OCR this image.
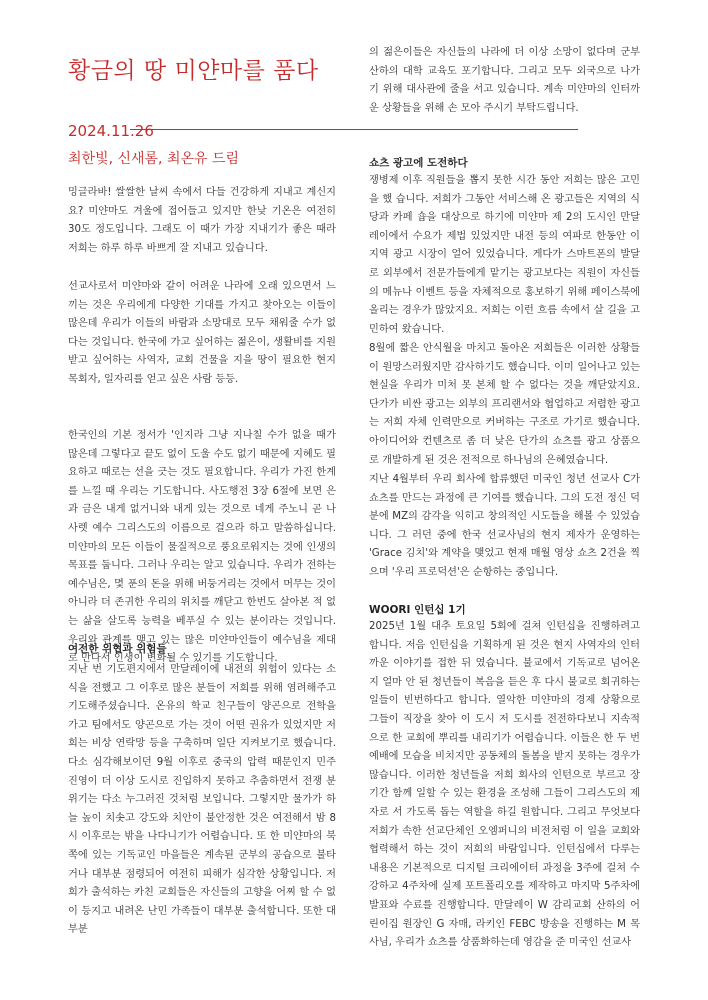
황금의 땅 미얀마를 품다
2024.11.26
최한빛, 신새롬, 최온유 드림
밍글라바! 쌀쌀한 날씨 속에서 다들 건강하게 지내고 계신지요? 미얀마도 겨울에 접어들고 있지만 한낮 기온은 여전히 30도 정도입니다. 그래도 이 때가 가장 지내기가 좋은 때라 저희는 하루 하루 바쁘게 잘 지내고 있습니다.
선교사로서 미얀마와 같이 어려운 나라에 오래 있으면서 느끼는 것은 우리에게 다양한 기대를 가지고 찾아오는 이들이 많은데 우리가 이들의 바람과 소망대로 모두 채워줄 수가 없다는 것입니다. 한국에 가고 싶어하는 젊은이, 생활비를 지원받고 싶어하는 사역자, 교회 건물을 지을 땅이 필요한 현지 목회자, 일자리를 얻고 싶은 사람 등등.
한국인의 기본 정서가 '인지라 그냥 지나칠 수가 없을 때가 많은데 그렇다고 끝도 없이 도울 수도 없기 때문에 지혜도 필요하고 때로는 선을 긋는 것도 필요합니다. 우리가 가진 한계를 느낄 때 우리는 기도합니다. 사도행전 3장 6절에 보면 은과 금은 내게 없거니와 내게 있는 것으로 네게 주노니 곧 나사렛 예수 그리스도의 이름으로 걸으라 하고 말씀하십니다. 미얀마의 모든 이들이 물질적으로 풍요로워지는 것에 인생의 목표를 둡니다. 그러나 우리는 알고 있습니다. 우리가 전하는 예수님은, 몇 푼의 돈을 위해 버둥거리는 것에서 머무는 것이 아니라 더 존귀한 우리의 위치를 깨닫고 한번도 살아본 적 없는 삶을 살도록 능력을 베푸실 수 있는 분이라는 것입니다. 우리와 관계를 맺고 있는 많은 미얀마인들이 예수님을 제대로 만나서 인생이 변화될 수 있기를 기도합니다.
여전한 위협과 위험들
지난 번 기도편지에서 만달레이에 내전의 위험이 있다는 소식을 전했고 그 이후로 많은 분들이 저희를 위해 염려해주고 기도해주셨습니다. 온유의 학교 친구들이 양곤으로 전학을 가고 팀에서도 양곤으로 가는 것이 어떤 권유가 있었지만 저희는 비상 연락망 등을 구축하며 일단 지켜보기로 했습니다. 다소 심각해보이던 9월 이후로 중국의 압력 때문인지 민주 진영이 더 이상 도시로 진입하지 못하고 추춤하면서 전쟁 분위기는 다소 누그러진 것처럼 보입니다. 그렇지만 물가가 하늘 높이 치솟고 강도와 치안이 불안정한 것은 여전해서 밤 8시 이후로는 밖을 나다니기가 어렵습니다. 또 한 미얀마의 북쪽에 있는 기독교인 마을들은 계속된 군부의 공습으로 불타거나 대부분 점령되어 여전히 피해가 심각한 상황입니다. 저희가 출석하는 카친 교회들은 자신들의 고향을 어찌 할 수 없이 등지고 내려온 난민 가족들이 대부분 출석합니다. 또한 대부분
의 젊은이들은 자신들의 나라에 더 이상 소망이 없다며 군부 산하의 대학 교육도 포기합니다. 그리고 모두 외국으로 나가기 위해 대사관에 줄을 서고 있습니다. 계속 미얀마의 인터까운 상황들을 위해 손 모아 주시기 부탁드립니다.
쇼츠 광고에 도전하다
쟁병제 이후 직원들을 뽑지 못한 시간 동안 저희는 많은 고민을 했 습니다. 저희가 그동안 서비스해 온 광고들은 지역의 식당과 카페 숍을 대상으로 하기에 미얀마 제 2의 도시인 만달레이에서 수요가 제법 있었지만 내전 등의 여파로 한동안 이 지역 광고 시장이 얼어 있었습니다. 게다가 스마트폰의 발달로 외부에서 전문가들에게 맡기는 광고보다는 직원이 자신들의 메뉴나 이벤트 등을 자체적으로 홍보하기 위해 페이스북에 올리는 경우가 많았지요. 저희는 이런 흐름 속에서 살 길을 고민하여 왔습니다.
8월에 짧은 안식월을 마치고 돌아온 저희들은 이러한 상황들이 원망스러웠지만 감사하기도 했습니다. 이미 일어나고 있는 현실을 우리가 미처 못 본체 할 수 없다는 것을 깨닫았지요. 단가가 비싼 광고는 외부의 프리랜서와 협업하고 저렴한 광고는 저희 자체 인력만으로 커버하는 구조로 가기로 했습니다. 아이디어와 컨텐츠로 좀 더 낮은 단가의 쇼츠를 광고 상품으로 개발하게 된 것은 전적으로 하나님의 은혜였습니다.
지난 4월부터 우리 회사에 합류했던 미국인 청년 선교사 C가 쇼츠를 만드는 과정에 큰 기여를 했습니다. 그의 도전 정신 덕분에 MZ의 감각을 익히고 창의적인 시도들을 해볼 수 있었습니다. 그 러던 중에 한국 선교사님의 현지 제자가 운영하는 'Grace 김치'와 계약을 맺었고 현재 매월 영상 쇼츠 2건을 찍으며 '우리 프로덕션'은 순항하는 중입니다.
WOORI 인턴십 1기
2025년 1월 대추 토요일 5회에 걸쳐 인턴십을 진행하려고 합니다. 저음 인턴십을 기획하게 된 것은 현지 사역자의 인터까운 이야기를 접한 뒤 였습니다. 불교에서 기독교로 넘어온 지 얼마 안 된 청년들이 복음을 듣은 후 다시 불교로 회귀하는 일들이 빈번하다고 합니다. 열악한 미얀마의 경제 상황으로 그들이 직장을 찾아 이 도시 저 도시를 전전하다보니 지속적으로 한 교회에 뿌리를 내리기가 어렵습니다. 이들은 한 두 번 예배에 모습을 비치지만 공동체의 돌봄을 받지 못하는 경우가 많습니다. 이러한 청년들을 저희 회사의 인턴으로 부르고 장기간 함께 일할 수 있는 환경을 조성해 그들이 그리스도의 제자로 서 가도록 돕는 역할을 하길 원합니다. 그리고 무엇보다 저희가 속한 선교단체인 오엠퍼니의 비전처럼 이 일을 교회와 협력해서 하는 것이 저희의 바람입니다. 인턴십에서 다루는 내용은 기본적으로 디지털 크리에이터 과정을 3주에 걸쳐 수강하고 4주차에 실제 포트폴리오를 제작하고 마지막 5주차에 발표와 수료를 진행합니다. 만달레이 W 감리교회 산하의 어린이집 원장인 G 자매, 라키인 FEBC 방송을 진행하는 M 목사님, 우리가 쇼츠를 상품화하는데 영감을 준 미국인 선교사
